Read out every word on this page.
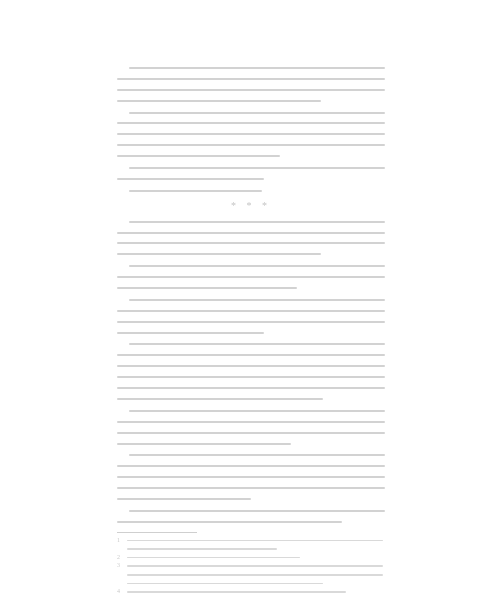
* * *
1
2
3
4
